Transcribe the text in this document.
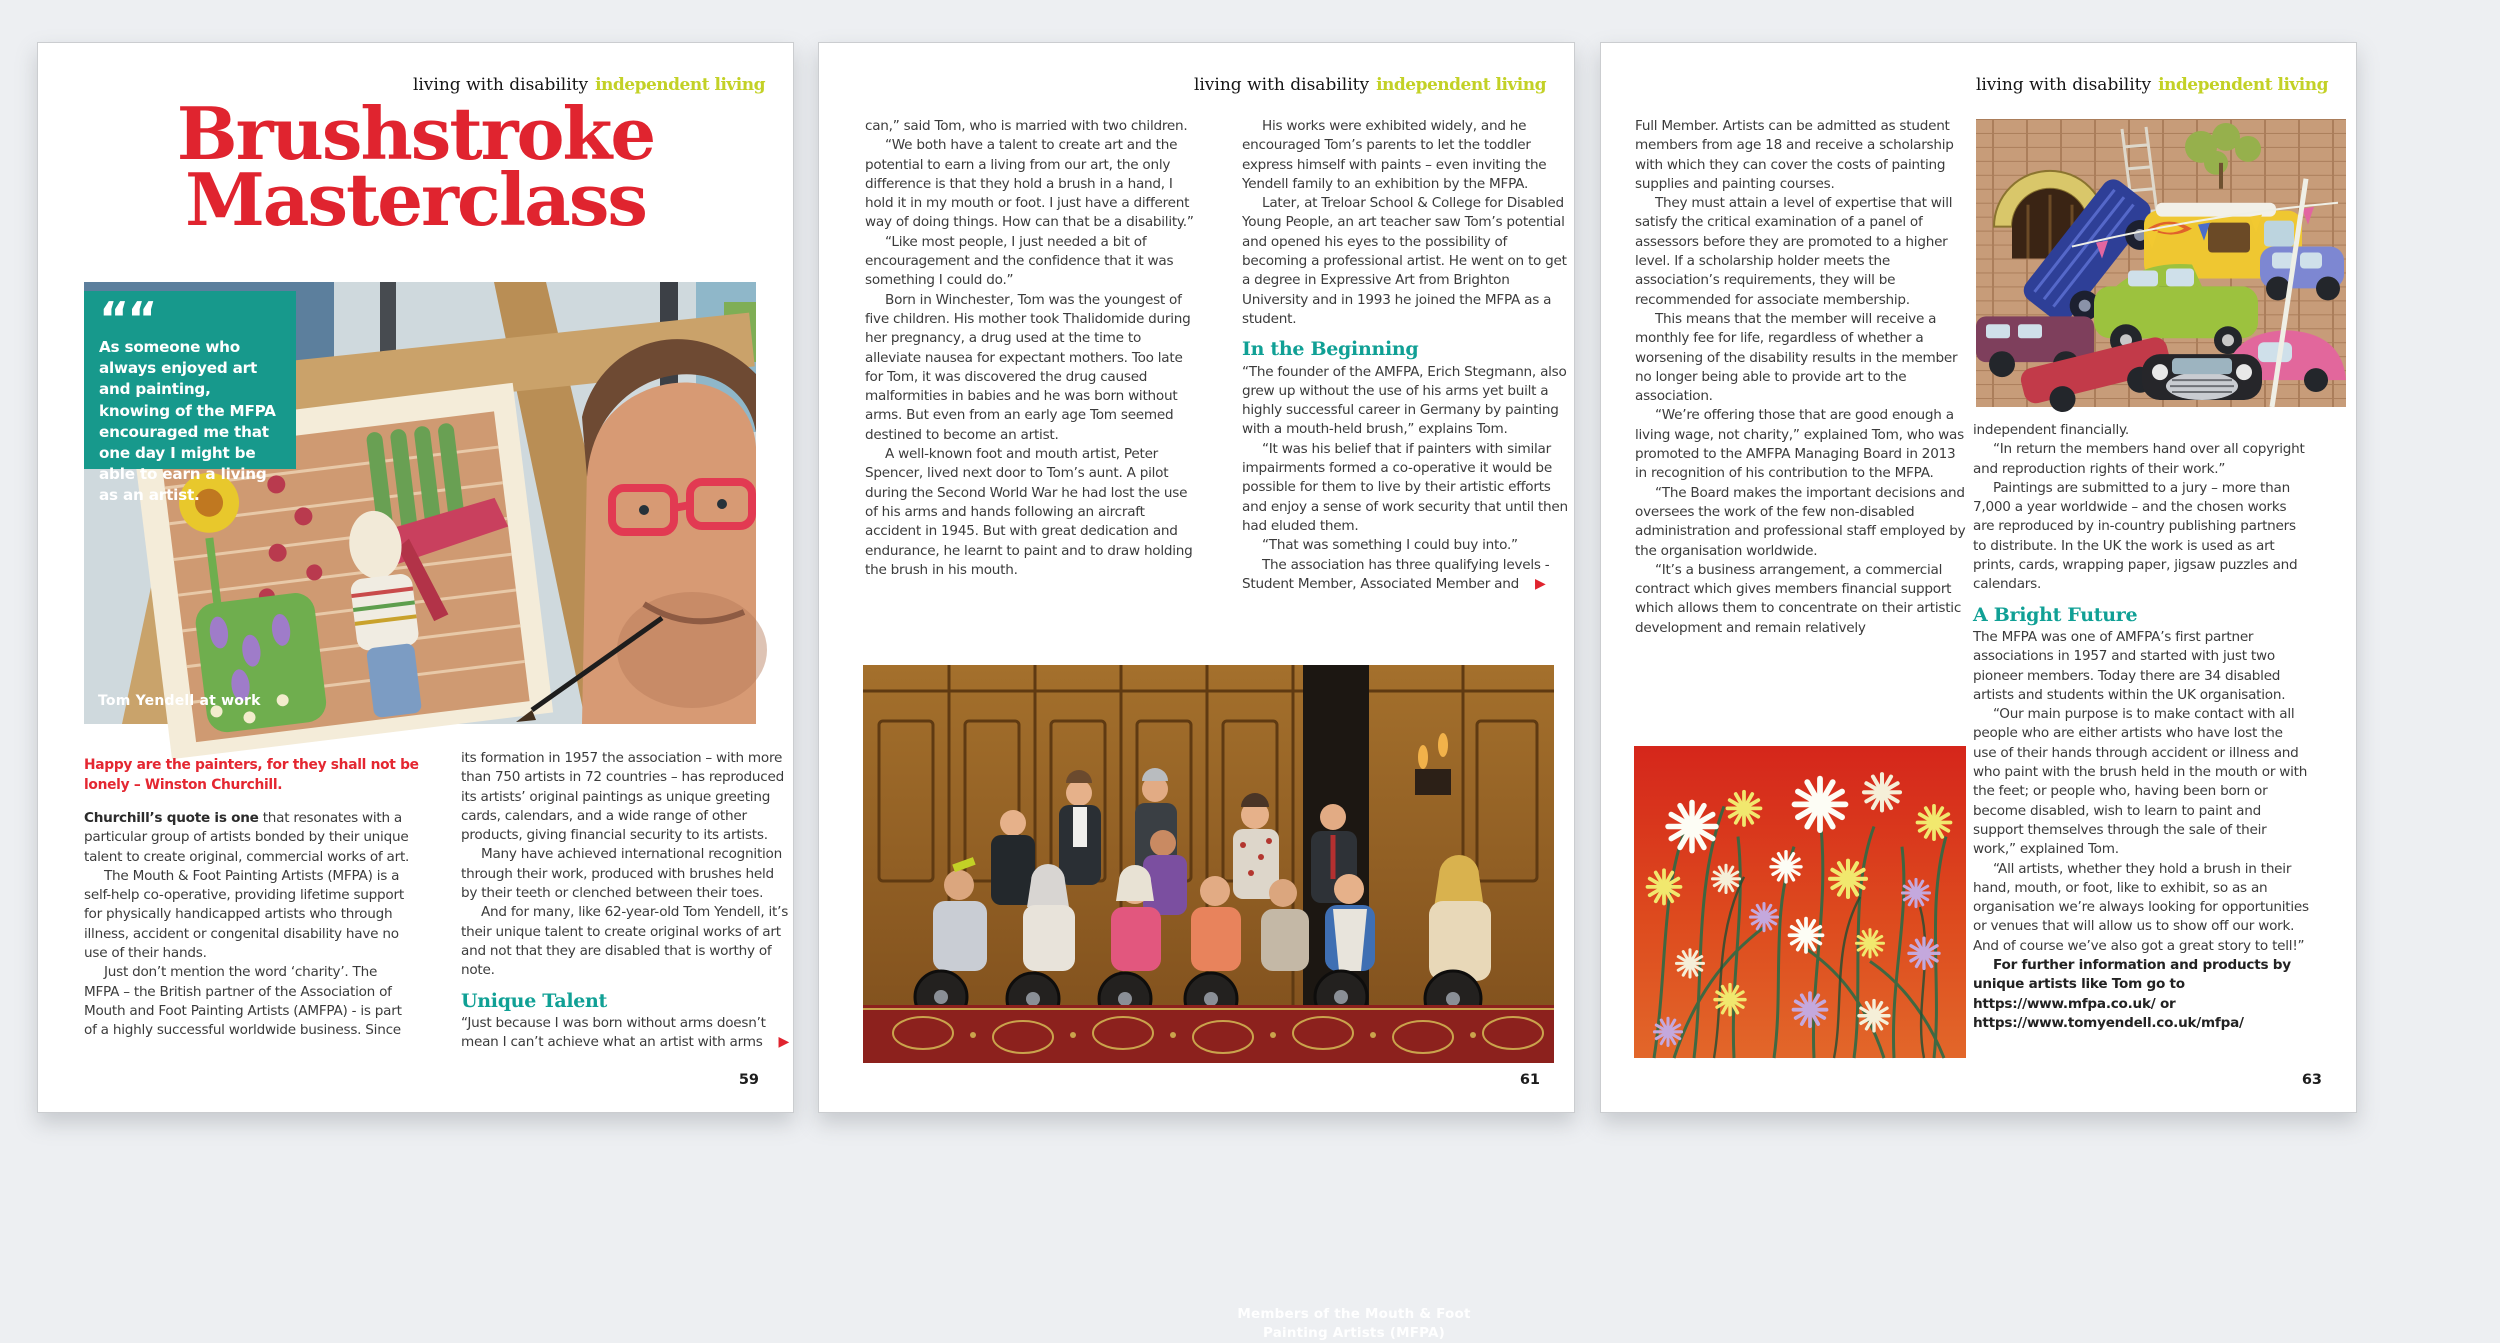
living with disability independent living
Brushstroke
Masterclass
““
As someone who always enjoyed art and painting, knowing of the MFPA encouraged me that one day I might be able to earn a living as an artist.
Tom Yendell at work
Happy are the painters, for they shall not be lonely – Winston Churchill.

Churchill’s quote is one that resonates with a particular group of artists bonded by their unique talent to create original, commercial works of art.

The Mouth & Foot Painting Artists (MFPA) is a self-help co-operative, providing lifetime support for physically handicapped artists who through illness, accident or congenital disability have no use of their hands.

Just don’t mention the word ‘charity’. The MFPA – the British partner of the Association of Mouth and Foot Painting Artists (AMFPA) - is part of a highly successful worldwide business. Since

its formation in 1957 the association – with more than 750 artists in 72 countries – has reproduced its artists’ original paintings as unique greeting cards, calendars, and a wide range of other products, giving financial security to its artists.

Many have achieved international recognition through their work, produced with brushes held by their teeth or clenched between their toes.

And for many, like 62-year-old Tom Yendell, it’s their unique talent to create original works of art and not that they are disabled that is worthy of note.

Unique Talent

“Just because I was born without arms doesn’t mean I can’t achieve what an artist with arms ▶

59
living with disability independent living

can,” said Tom, who is married with two children.

“We both have a talent to create art and the potential to earn a living from our art, the only difference is that they hold a brush in a hand, I hold it in my mouth or foot. I just have a different way of doing things. How can that be a disability.”

“Like most people, I just needed a bit of encouragement and the confidence that it was something I could do.”

Born in Winchester, Tom was the youngest of five children. His mother took Thalidomide during her pregnancy, a drug used at the time to alleviate nausea for expectant mothers. Too late for Tom, it was discovered the drug caused malformities in babies and he was born without arms. But even from an early age Tom seemed destined to become an artist.

A well-known foot and mouth artist, Peter Spencer, lived next door to Tom’s aunt. A pilot during the Second World War he had lost the use of his arms and hands following an aircraft accident in 1945. But with great dedication and endurance, he learnt to paint and to draw holding the brush in his mouth.

His works were exhibited widely, and he encouraged Tom’s parents to let the toddler express himself with paints – even inviting the Yendell family to an exhibition by the MFPA.

Later, at Treloar School & College for Disabled Young People, an art teacher saw Tom’s potential and opened his eyes to the possibility of becoming a professional artist. He went on to get a degree in Expressive Art from Brighton University and in 1993 he joined the MFPA as a student.

In the Beginning

“The founder of the AMFPA, Erich Stegmann, also grew up without the use of his arms yet built a highly successful career in Germany by painting with a mouth-held brush,” explains Tom.

“It was his belief that if painters with similar impairments formed a co-operative it would be possible for them to live by their artistic efforts and enjoy a sense of work security that until then had eluded them.

“That was something I could buy into.”

The association has three qualifying levels - Student Member, Associated Member and ▶

Members of the Mouth & Foot Painting Artists (MFPA)
61
living with disability independent living

Full Member. Artists can be admitted as student members from age 18 and receive a scholarship with which they can cover the costs of painting supplies and painting courses.

They must attain a level of expertise that will satisfy the critical examination of a panel of assessors before they are promoted to a higher level. If a scholarship holder meets the association’s requirements, they will be recommended for associate membership.

This means that the member will receive a monthly fee for life, regardless of whether a worsening of the disability results in the member no longer being able to provide art to the association.

“We’re offering those that are good enough a living wage, not charity,” explained Tom, who was promoted to the AMFPA Managing Board in 2013 in recognition of his contribution to the MFPA.

“The Board makes the important decisions and oversees the work of the few non-disabled administration and professional staff employed by the organisation worldwide.

“It’s a business arrangement, a commercial contract which gives members financial support which allows them to concentrate on their artistic development and remain relatively

independent financially.

“In return the members hand over all copyright and reproduction rights of their work.”

Paintings are submitted to a jury – more than 7,000 a year worldwide – and the chosen works are reproduced by in-country publishing partners to distribute. In the UK the work is used as art prints, cards, wrapping paper, jigsaw puzzles and calendars.

A Bright Future

The MFPA was one of AMFPA’s first partner associations in 1957 and started with just two pioneer members. Today there are 34 disabled artists and students within the UK organisation.

“Our main purpose is to make contact with all people who are either artists who have lost the use of their hands through accident or illness and who paint with the brush held in the mouth or with the feet; or people who, having been born or become disabled, wish to learn to paint and support themselves through the sale of their work,” explained Tom.

“All artists, whether they hold a brush in their hand, mouth, or foot, like to exhibit, so as an organisation we’re always looking for opportunities or venues that will allow us to show off our work. And of course we’ve also got a great story to tell!”

For further information and products by unique artists like Tom go to https://www.mfpa.co.uk/ or https://www.tomyendell.co.uk/mfpa/

63
